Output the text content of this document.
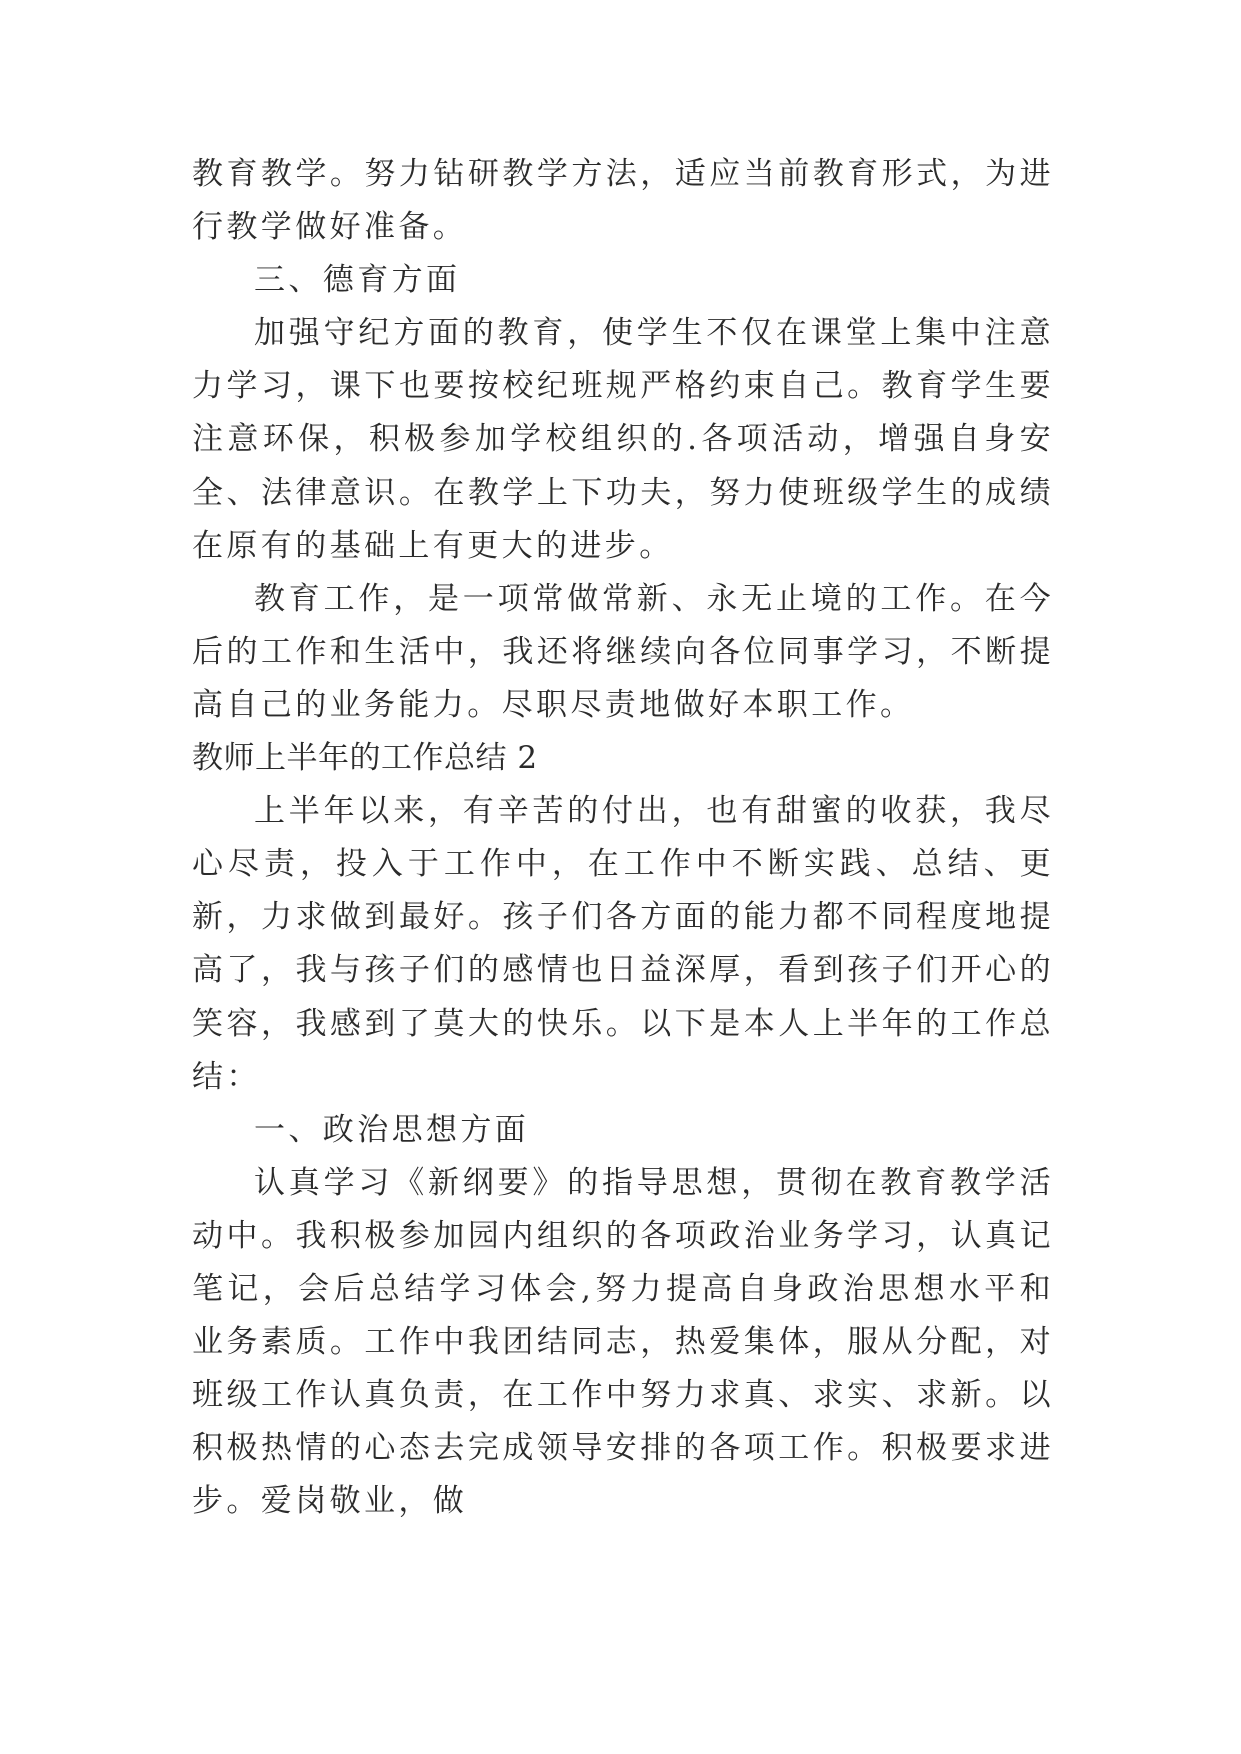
教育教学。努力钻研教学方法，适应当前教育形式，为进行教学做好准备。

三、德育方面

加强守纪方面的教育，使学生不仅在课堂上集中注意力学习，课下也要按校纪班规严格约束自己。教育学生要注意环保，积极参加学校组织的.各项活动，增强自身安全、法律意识。在教学上下功夫，努力使班级学生的成绩在原有的基础上有更大的进步。

教育工作，是一项常做常新、永无止境的工作。在今后的工作和生活中，我还将继续向各位同事学习，不断提高自己的业务能力。尽职尽责地做好本职工作。

教师上半年的工作总结 2

上半年以来，有辛苦的付出，也有甜蜜的收获，我尽心尽责，投入于工作中，在工作中不断实践、总结、更新，力求做到最好。孩子们各方面的能力都不同程度地提高了，我与孩子们的感情也日益深厚，看到孩子们开心的笑容，我感到了莫大的快乐。以下是本人上半年的工作总结：

一、政治思想方面

认真学习《新纲要》的指导思想，贯彻在教育教学活动中。我积极参加园内组织的各项政治业务学习，认真记笔记，会后总结学习体会,努力提高自身政治思想水平和业务素质。工作中我团结同志，热爱集体，服从分配，对班级工作认真负责，在工作中努力求真、求实、求新。以积极热情的心态去完成领导安排的各项工作。积极要求进步。爱岗敬业，做
